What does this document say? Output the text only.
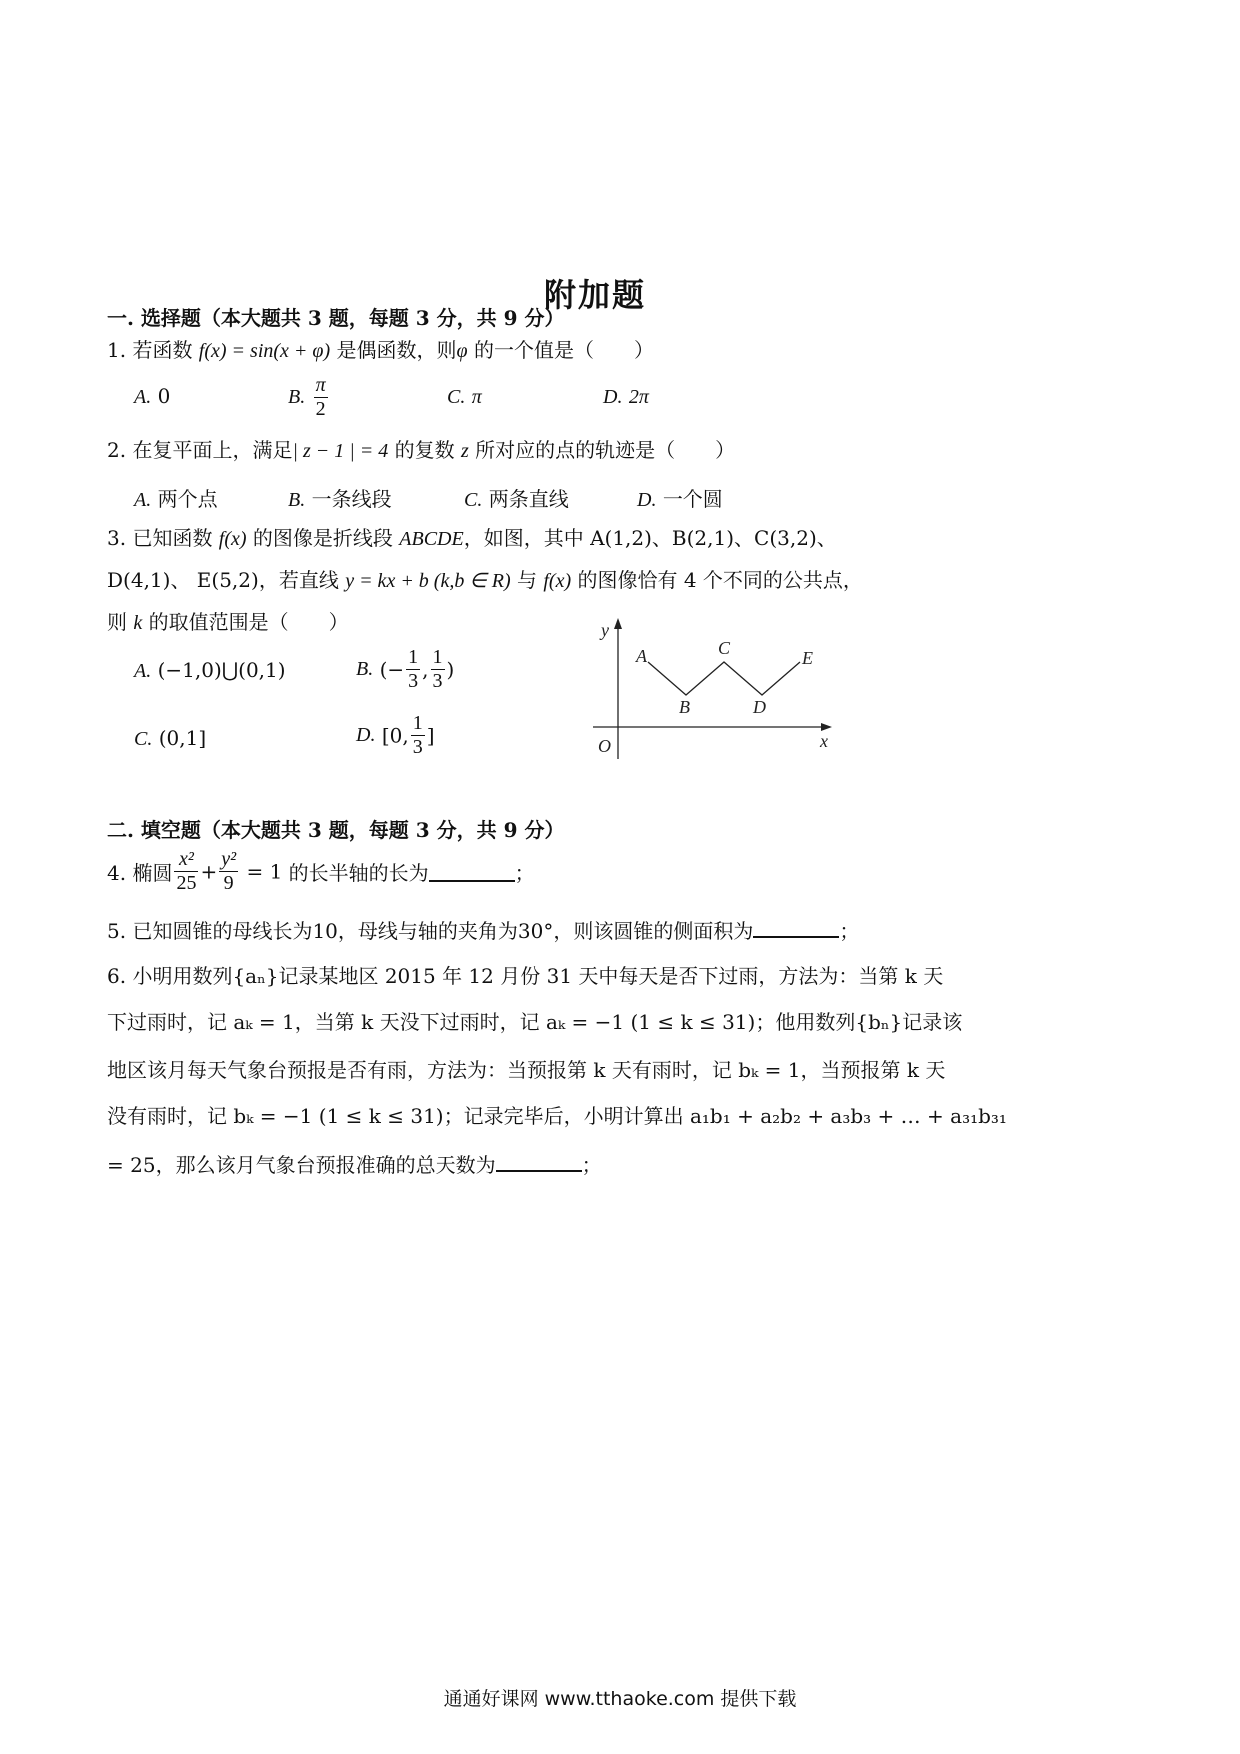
附加题
一. 选择题（本大题共 3 题，每题 3 分，共 9 分）
1. 若函数 f(x) = sin(x + φ) 是偶函数，则φ 的一个值是（　　）
A. 0	B. $\frac{\pi}{2}$	C. π	D. 2π
2. 在复平面上，满足| z − 1 | = 4 的复数 z 所对应的点的轨迹是（　　）
A. 两个点	B. 一条线段	C. 两条直线	D. 一个圆
3. 已知函数 f(x) 的图像是折线段 ABCDE，如图，其中 A(1,2)、B(2,1)、C(3,2)、
D(4,1)、 E(5,2)，若直线 y = kx + b (k,b ∈ R) 与 f(x) 的图像恰有 4 个不同的公共点，
则 k 的取值范围是（　　）
A. (−1,0)⋃(0,1)	B. (− $\frac{1}{3}$ , $\frac{1}{3}$ )
C. (0,1]	D. [0, $\frac{1}{3}$ ]
y
x
O
A
B
C
D
E
二. 填空题（本大题共 3 题，每题 3 分，共 9 分）
4. 椭圆 $\frac{\text{x²}}{25} + \frac{\text{y²}}{9} = 1$ 的长半轴的长为	；
5. 已知圆锥的母线长为10，母线与轴的夹角为30°，则该圆锥的侧面积为	；
6. 小明用数列{aₙ}记录某地区 2015 年 12 月份 31 天中每天是否下过雨，方法为：当第 k 天
下过雨时，记 aₖ = 1，当第 k 天没下过雨时，记 aₖ = −1 (1 ≤ k ≤ 31)；他用数列{bₙ}记录该
地区该月每天气象台预报是否有雨，方法为：当预报第 k 天有雨时，记 bₖ = 1，当预报第 k 天
没有雨时，记 bₖ = −1 (1 ≤ k ≤ 31)；记录完毕后，小明计算出 a₁b₁ + a₂b₂ + a₃b₃ + … + a₃₁b₃₁
= 25，那么该月气象台预报准确的总天数为	；
通通好课网 www.tthaoke.com 提供下载
